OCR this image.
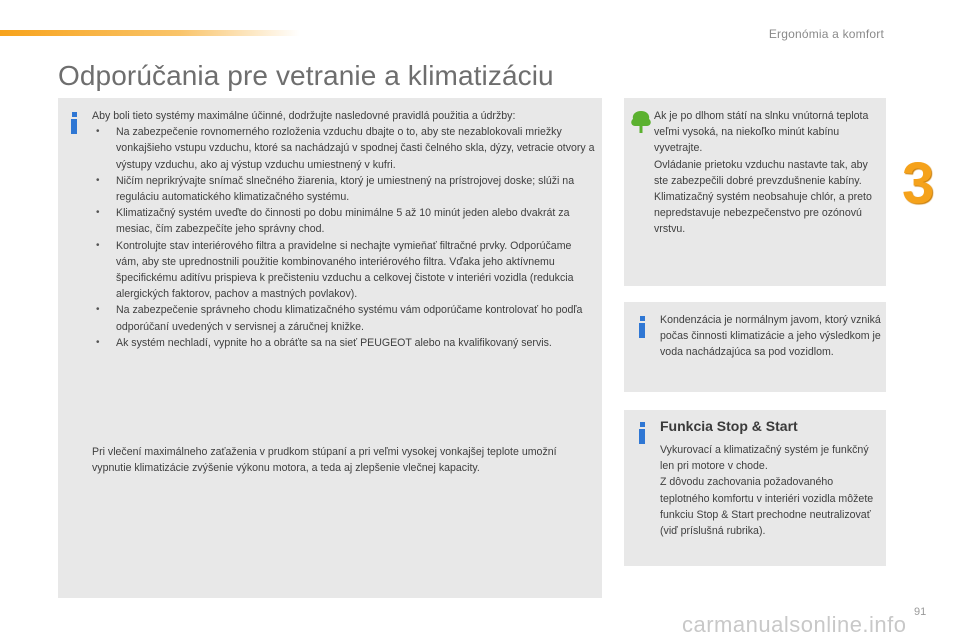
Ergonómia a komfort
Odporúčania pre vetranie a klimatizáciu
3

Aby boli tieto systémy maximálne účinné, dodržujte nasledovné pravidlá použitia a údržby:

• Na zabezpečenie rovnomerného rozloženia vzduchu dbajte o to, aby ste nezablokovali mriežky vonkajšieho vstupu vzduchu, ktoré sa nachádzajú v spodnej časti čelného skla, dýzy, vetracie otvory a výstupy vzduchu, ako aj výstup vzduchu umiestnený v kufri.
• Ničím neprikrývajte snímač slnečného žiarenia, ktorý je umiestnený na prístrojovej doske; slúži na reguláciu automatického klimatizačného systému.
• Klimatizačný systém uveďte do činnosti po dobu minimálne 5 až 10 minút jeden alebo dvakrát za mesiac, čím zabezpečíte jeho správny chod.
• Kontrolujte stav interiérového filtra a pravidelne si nechajte vymieňať filtračné prvky. Odporúčame vám, aby ste uprednostnili použitie kombinovaného interiérového filtra. Vďaka jeho aktívnemu špecifickému aditívu prispieva k prečisteniu vzduchu a celkovej čistote v interiéri vozidla (redukcia alergických faktorov, pachov a mastných povlakov).
• Na zabezpečenie správneho chodu klimatizačného systému vám odporúčame kontrolovať ho podľa odporúčaní uvedených v servisnej a záručnej knižke.
• Ak systém nechladí, vypnite ho a obráťte sa na sieť PEUGEOT alebo na kvalifikovaný servis.

Pri vlečení maximálneho zaťaženia v prudkom stúpaní a pri veľmi vysokej vonkajšej teplote umožní vypnutie klimatizácie zvýšenie výkonu motora, a teda aj zlepšenie vlečnej kapacity.

Ak je po dlhom státí na slnku vnútorná teplota veľmi vysoká, na niekoľko minút kabínu vyvetrajte.

Ovládanie prietoku vzduchu nastavte tak, aby ste zabezpečili dobré prevzdušnenie kabíny.

Klimatizačný systém neobsahuje chlór, a preto nepredstavuje nebezpečenstvo pre ozónovú vrstvu.

Kondenzácia je normálnym javom, ktorý vzniká počas činnosti klimatizácie a jeho výsledkom je voda nachádzajúca sa pod vozidlom.

Funkcia Stop & Start

Vykurovací a klimatizačný systém je funkčný len pri motore v chode.

Z dôvodu zachovania požadovaného teplotného komfortu v interiéri vozidla môžete funkciu Stop & Start prechodne neutralizovať (viď príslušná rubrika).

91
carmanualsonline.info
